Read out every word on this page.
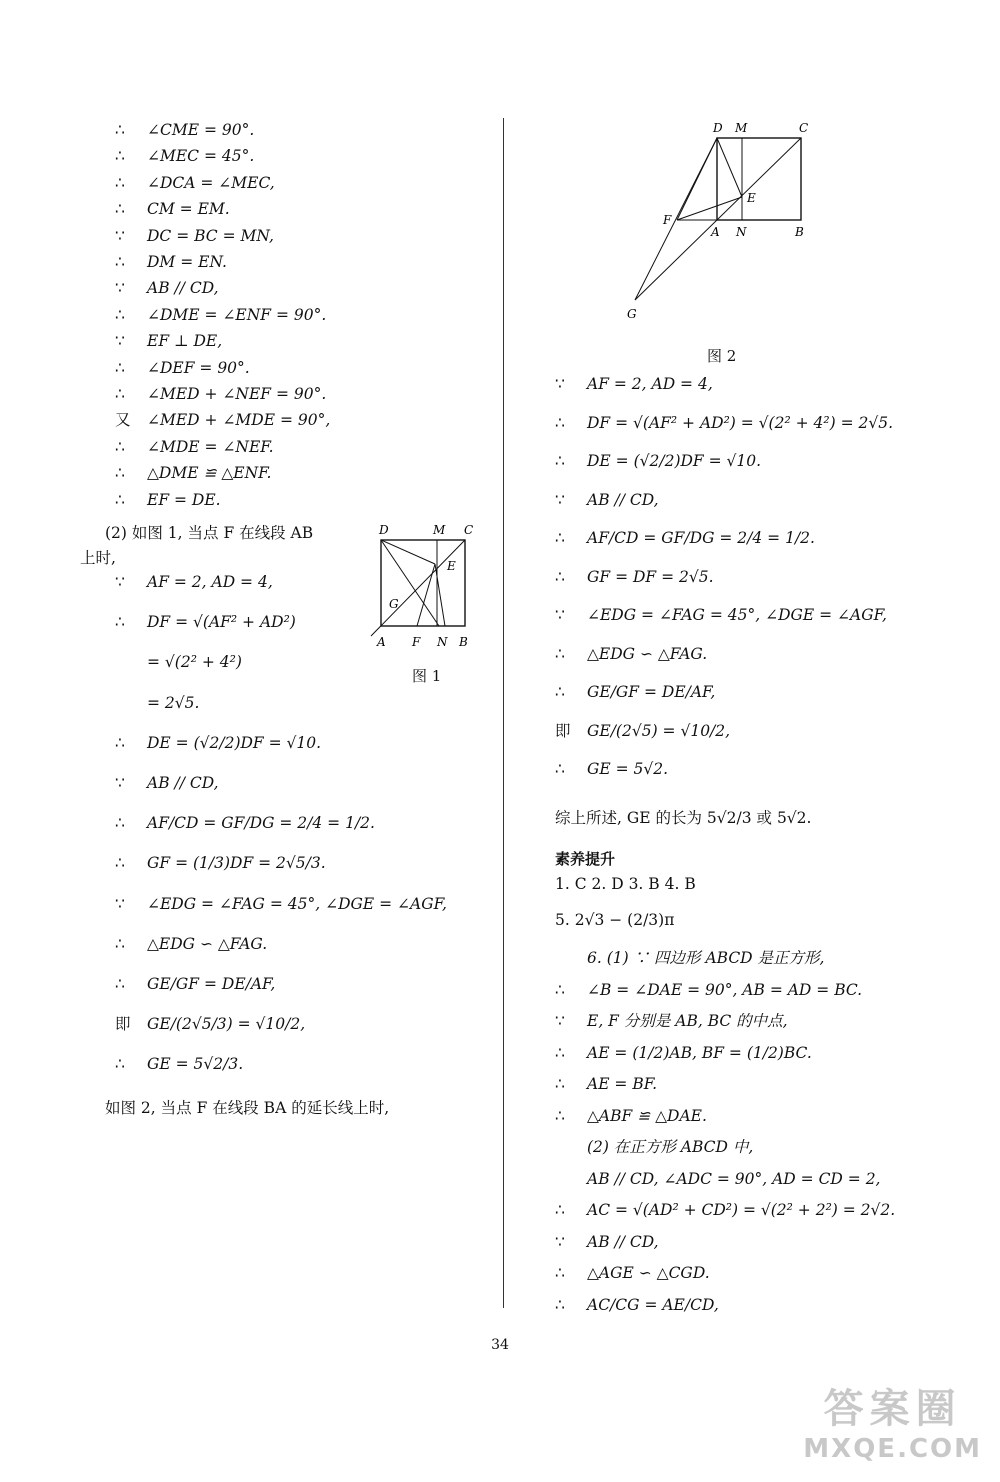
∴ ∠CME = 90°.
∴ ∠MEC = 45°.
∴ ∠DCA = ∠MEC,
∴ CM = EM.
∵ DC = BC = MN,
∴ DM = EN.
∵ AB // CD,
∴ ∠DME = ∠ENF = 90°.
∵ EF ⊥ DE,
∴ ∠DEF = 90°.
∴ ∠MED + ∠NEF = 90°.
又 ∠MED + ∠MDE = 90°,
∴ ∠MDE = ∠NEF.
∴ △DME ≌ △ENF.
∴ EF = DE.
(2) 如图 1, 当点 F 在线段 AB
上时,
∵ AF = 2, AD = 4,
∴ DF = √(AF² + AD²)
= √(2² + 4²)
= 2√5.
∴ DE = (√2/2)DF = √10.
∵ AB // CD,
∴ AF/CD = GF/DG = 2/4 = 1/2.
∴ GF = (1/3)DF = 2√5/3.
∵ ∠EDG = ∠FAG = 45°, ∠DGE = ∠AGF,
∴ △EDG ∽ △FAG.
∴ GE/GF = DE/AF,
即 GE/(2√5/3) = √10/2,
∴ GE = 5√2/3.
如图 2, 当点 F 在线段 BA 的延长线上时,
D	M C
E
G
A F N B
图 1
D M	C
E
F
A N	B
G
图 2
∵ AF = 2, AD = 4,
∴ DF = √(AF² + AD²) = √(2² + 4²) = 2√5.
∴ DE = (√2/2)DF = √10.
∵ AB // CD,
∴ AF/CD = GF/DG = 2/4 = 1/2.
∴ GF = DF = 2√5.
∵ ∠EDG = ∠FAG = 45°, ∠DGE = ∠AGF,
∴ △EDG ∽ △FAG.
∴ GE/GF = DE/AF,
即 GE/(2√5) = √10/2,
∴ GE = 5√2.
综上所述, GE 的长为 5√2/3 或 5√2.
素养提升
1. C 2. D 3. B 4. B
5. 2√3 − (2/3)π
6. (1) ∵ 四边形 ABCD 是正方形,
∴ ∠B = ∠DAE = 90°, AB = AD = BC.
∵ E, F 分别是 AB, BC 的中点,
∴ AE = (1/2)AB, BF = (1/2)BC.
∴ AE = BF.
∴ △ABF ≌ △DAE.
(2) 在正方形 ABCD 中,
AB // CD, ∠ADC = 90°, AD = CD = 2,
∴ AC = √(AD² + CD²) = √(2² + 2²) = 2√2.
∵ AB // CD,
∴ △AGE ∽ △CGD.
∴ AC/CG = AE/CD,
34
答案圈
MXQE.COM
